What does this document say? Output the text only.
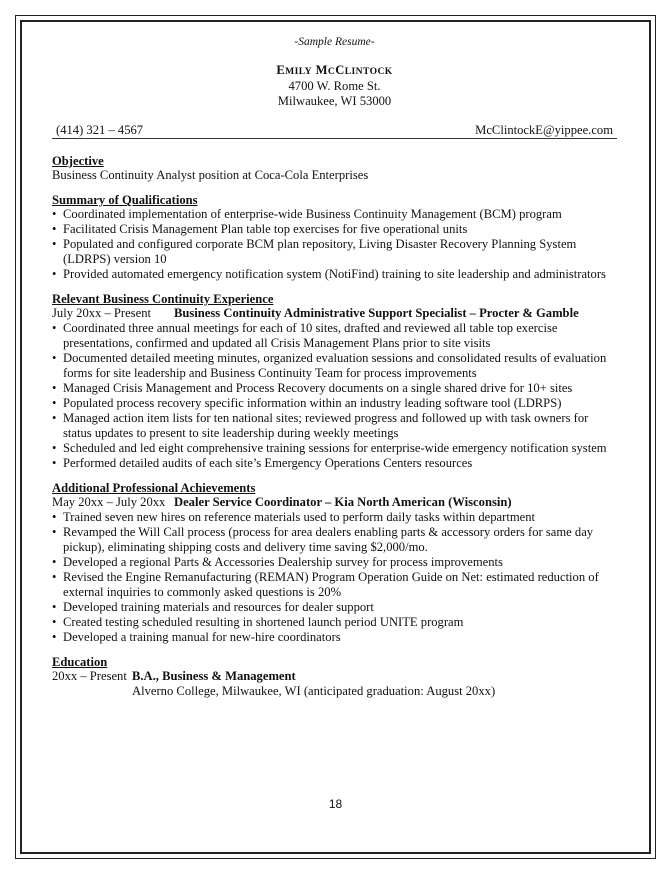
-Sample Resume-
EMILY MCCLINTOCK
4700 W. Rome St.
Milwaukee, WI 53000
(414) 321 – 4567	McClintockE@yippee.com
Objective

Business Continuity Analyst position at Coca-Cola Enterprises

Summary of Qualifications
• Coordinated implementation of enterprise-wide Business Continuity Management (BCM) program
• Facilitated Crisis Management Plan table top exercises for five operational units
• Populated and configured corporate BCM plan repository, Living Disaster Recovery Planning System (LDRPS) version 10
• Provided automated emergency notification system (NotiFind) training to site leadership and administrators
Relevant Business Continuity Experience
July 20xx – Present	Business Continuity Administrative Support Specialist – Procter & Gamble
• Coordinated three annual meetings for each of 10 sites, drafted and reviewed all table top exercise presentations, confirmed and updated all Crisis Management Plans prior to site visits
• Documented detailed meeting minutes, organized evaluation sessions and consolidated results of evaluation forms for site leadership and Business Continuity Team for process improvements
• Managed Crisis Management and Process Recovery documents on a single shared drive for 10+ sites
• Populated process recovery specific information within an industry leading software tool (LDRPS)
• Managed action item lists for ten national sites; reviewed progress and followed up with task owners for status updates to present to site leadership during weekly meetings
• Scheduled and led eight comprehensive training sessions for enterprise-wide emergency notification system
• Performed detailed audits of each site’s Emergency Operations Centers resources
Additional Professional Achievements
May 20xx – July 20xx Dealer Service Coordinator – Kia North American (Wisconsin)
• Trained seven new hires on reference materials used to perform daily tasks within department
• Revamped the Will Call process (process for area dealers enabling parts & accessory orders for same day pickup), eliminating shipping costs and delivery time saving $2,000/mo.
• Developed a regional Parts & Accessories Dealership survey for process improvements
• Revised the Engine Remanufacturing (REMAN) Program Operation Guide on Net: estimated reduction of external inquiries to commonly asked questions is 20%
• Developed training materials and resources for dealer support
• Created testing scheduled resulting in shortened launch period UNITE program
• Developed a training manual for new-hire coordinators
Education
20xx – Present B.A., Business & Management
Alverno College, Milwaukee, WI (anticipated graduation: August 20xx)
18
